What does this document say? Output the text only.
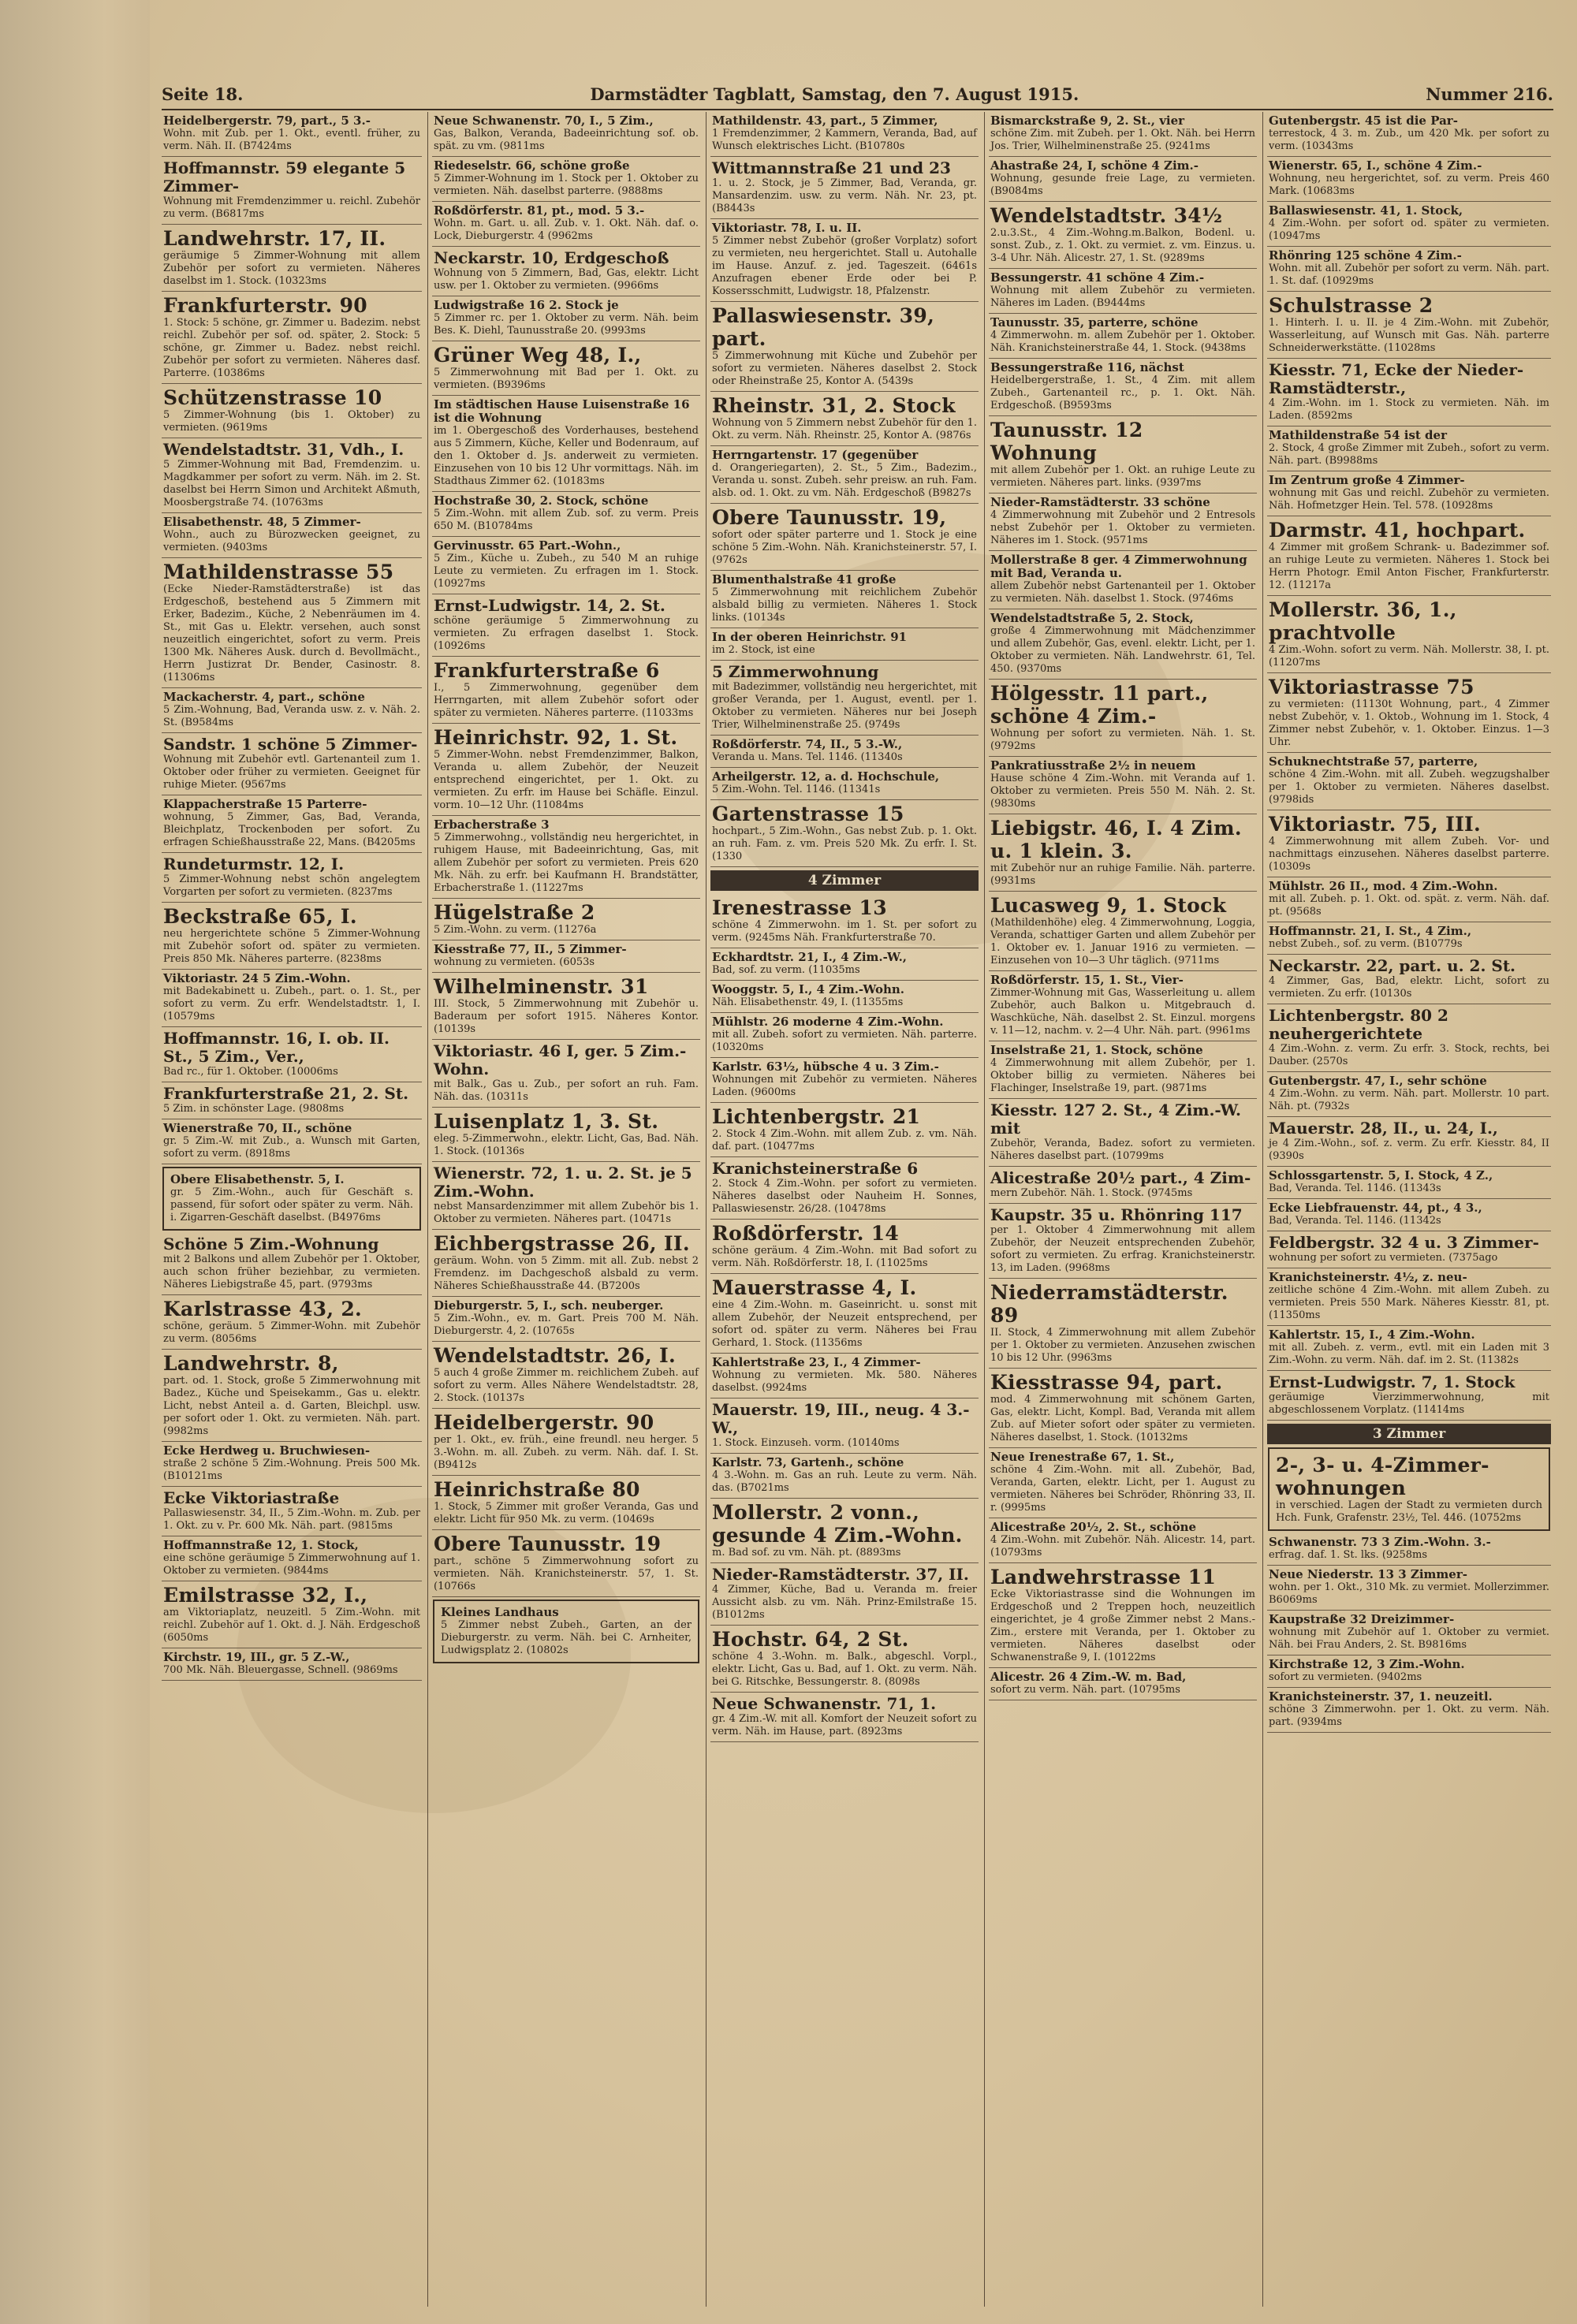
Seite 18.	Darmstädter Tagblatt, Samstag, den 7. August 1915.	Nummer 216.
Heidelbergerstr. 79, part., 5 3.-
Wohn. mit Zub. per 1. Okt., eventl. früher, zu verm. Näh. II. (B7424ms
Hoffmannstr. 59 elegante 5 Zimmer-
Wohnung mit Fremdenzimmer u. reichl. Zubehör zu verm. (B6817ms
Landwehrstr. 17, II.
geräumige 5 Zimmer-Wohnung mit allem Zubehör per sofort zu vermieten. Näheres daselbst im 1. Stock. (10323ms
Frankfurterstr. 90
1. Stock: 5 schöne, gr. Zimmer u. Badezim. nebst reichl. Zubehör per sof. od. später, 2. Stock: 5 schöne, gr. Zimmer u. Badez. nebst reichl. Zubehör per sofort zu vermieten. Näheres dasf. Parterre. (10386ms
Schützenstrasse 10
5 Zimmer-Wohnung (bis 1. Oktober) zu vermieten. (9619ms
Wendelstadtstr. 31, Vdh., I.
5 Zimmer-Wohnung mit Bad, Fremdenzim. u. Magdkammer per sofort zu verm. Näh. im 2. St. daselbst bei Herrn Simon und Architekt Aßmuth, Moosbergstraße 74. (10763ms
Elisabethenstr. 48, 5 Zimmer-
Wohn., auch zu Bürozwecken geeignet, zu vermieten. (9403ms
Mathildenstrasse 55
(Ecke Nieder-Ramstädterstraße) ist das Erdgeschoß, bestehend aus 5 Zimmern mit Erker, Badezim., Küche, 2 Nebenräumen im 4. St., mit Gas u. Elektr. versehen, auch sonst neuzeitlich eingerichtet, sofort zu verm. Preis 1300 Mk. Näheres Ausk. durch d. Bevollmächt., Herrn Justizrat Dr. Bender, Casinostr. 8. (11306ms
Mackacherstr. 4, part., schöne
5 Zim.-Wohnung, Bad, Veranda usw. z. v. Näh. 2. St. (B9584ms
Sandstr. 1 schöne 5 Zimmer-
Wohnung mit Zubehör evtl. Gartenanteil zum 1. Oktober oder früher zu vermieten. Geeignet für ruhige Mieter. (9567ms
Klappacherstraße 15 Parterre-
wohnung, 5 Zimmer, Gas, Bad, Veranda, Bleichplatz, Trockenboden per sofort. Zu erfragen Schießhausstraße 22, Mans. (B4205ms
Rundeturmstr. 12, I.
5 Zimmer-Wohnung nebst schön angelegtem Vorgarten per sofort zu vermieten. (8237ms
Beckstraße 65, I.
neu hergerichtete schöne 5 Zimmer-Wohnung mit Zubehör sofort od. später zu vermieten. Preis 850 Mk. Näheres parterre. (8238ms
Viktoriastr. 24 5 Zim.-Wohn.
mit Badekabinett u. Zubeh., part. o. 1. St., per sofort zu verm. Zu erfr. Wendelstadtstr. 1, I. (10579ms
Hoffmannstr. 16, I. ob. II. St., 5 Zim., Ver.,
Bad rc., für 1. Oktober. (10006ms
Frankfurterstraße 21, 2. St.
5 Zim. in schönster Lage. (9808ms
Wienerstraße 70, II., schöne
gr. 5 Zim.-W. mit Zub., a. Wunsch mit Garten, sofort zu verm. (8918ms
Obere Elisabethenstr. 5, I.
gr. 5 Zim.-Wohn., auch für Geschäft s. passend, für sofort oder später zu verm. Näh. i. Zigarren-Geschäft daselbst. (B4976ms
Schöne 5 Zim.-Wohnung
mit 2 Balkons und allem Zubehör per 1. Oktober, auch schon früher beziehbar, zu vermieten. Näheres Liebigstraße 45, part. (9793ms
Karlstrasse 43, 2.
schöne, geräum. 5 Zimmer-Wohn. mit Zubehör zu verm. (8056ms
Landwehrstr. 8,
part. od. 1. Stock, große 5 Zimmerwohnung mit Badez., Küche und Speisekamm., Gas u. elektr. Licht, nebst Anteil a. d. Garten, Bleichpl. usw. per sofort oder 1. Okt. zu vermieten. Näh. part. (9982ms
Ecke Herdweg u. Bruchwiesen-
straße 2 schöne 5 Zim.-Wohnung. Preis 500 Mk. (B10121ms
Ecke Viktoriastraße
Pallaswiesenstr. 34, II., 5 Zim.-Wohn. m. Zub. per 1. Okt. zu v. Pr. 600 Mk. Näh. part. (9815ms
Hoffmannstraße 12, 1. Stock,
eine schöne geräumige 5 Zimmerwohnung auf 1. Oktober zu vermieten. (9844ms
Emilstrasse 32, I.,
am Viktoriaplatz, neuzeitl. 5 Zim.-Wohn. mit reichl. Zubehör auf 1. Okt. d. J. Näh. Erdgeschoß (6050ms
Kirchstr. 19, III., gr. 5 Z.-W.,
700 Mk. Näh. Bleuergasse, Schnell. (9869ms
Neue Schwanenstr. 70, I., 5 Zim.,
Gas, Balkon, Veranda, Badeeinrichtung sof. ob. spät. zu vm. (9811ms
Riedeselstr. 66, schöne große
5 Zimmer-Wohnung im 1. Stock per 1. Oktober zu vermieten. Näh. daselbst parterre. (9888ms
Roßdörferstr. 81, pt., mod. 5 3.-
Wohn. m. Gart. u. all. Zub. v. 1. Okt. Näh. daf. o. Lock, Dieburgerstr. 4 (9962ms
Neckarstr. 10, Erdgeschoß
Wohnung von 5 Zimmern, Bad, Gas, elektr. Licht usw. per 1. Oktober zu vermieten. (9966ms
Ludwigstraße 16 2. Stock je
5 Zimmer rc. per 1. Oktober zu verm. Näh. beim Bes. K. Diehl, Taunusstraße 20. (9993ms
Grüner Weg 48, I.,
5 Zimmerwohnung mit Bad per 1. Okt. zu vermieten. (B9396ms
Im städtischen Hause Luisenstraße 16 ist die Wohnung
im 1. Obergeschoß des Vorderhauses, bestehend aus 5 Zimmern, Küche, Keller und Bodenraum, auf den 1. Oktober d. Js. anderweit zu vermieten. Einzusehen von 10 bis 12 Uhr vormittags. Näh. im Stadthaus Zimmer 62. (10183ms
Hochstraße 30, 2. Stock, schöne
5 Zim.-Wohn. mit allem Zub. sof. zu verm. Preis 650 M. (B10784ms
Gervinusstr. 65 Part.-Wohn.,
5 Zim., Küche u. Zubeh., zu 540 M an ruhige Leute zu vermieten. Zu erfragen im 1. Stock. (10927ms
Ernst-Ludwigstr. 14, 2. St.
schöne geräumige 5 Zimmerwohnung zu vermieten. Zu erfragen daselbst 1. Stock. (10926ms
Frankfurterstraße 6
I., 5 Zimmerwohnung, gegenüber dem Herrngarten, mit allem Zubehör sofort oder später zu vermieten. Näheres parterre. (11033ms
Heinrichstr. 92, 1. St.
5 Zimmer-Wohn. nebst Fremdenzimmer, Balkon, Veranda u. allem Zubehör, der Neuzeit entsprechend eingerichtet, per 1. Okt. zu vermieten. Zu erfr. im Hause bei Schäfle. Einzul. vorm. 10—12 Uhr. (11084ms
Erbacherstraße 3
5 Zimmerwohng., vollständig neu hergerichtet, in ruhigem Hause, mit Badeeinrichtung, Gas, mit allem Zubehör per sofort zu vermieten. Preis 620 Mk. Näh. zu erfr. bei Kaufmann H. Brandstätter, Erbacherstraße 1. (11227ms
Hügelstraße 2
5 Zim.-Wohn. zu verm. (11276a
Kiesstraße 77, II., 5 Zimmer-
wohnung zu vermieten. (6053s
Wilhelminenstr. 31
III. Stock, 5 Zimmerwohnung mit Zubehör u. Baderaum per sofort 1915. Näheres Kontor. (10139s
Viktoriastr. 46 I, ger. 5 Zim.-Wohn.
mit Balk., Gas u. Zub., per sofort an ruh. Fam. Näh. das. (10311s
Luisenplatz 1, 3. St.
eleg. 5-Zimmerwohn., elektr. Licht, Gas, Bad. Näh. 1. Stock. (10136s
Wienerstr. 72, 1. u. 2. St. je 5 Zim.-Wohn.
nebst Mansardenzimmer mit allem Zubehör bis 1. Oktober zu vermieten. Näheres part. (10471s
Eichbergstrasse 26, II.
geräum. Wohn. von 5 Zimm. mit all. Zub. nebst 2 Fremdenz. im Dachgeschoß alsbald zu verm. Näheres Schießhausstraße 44. (B7200s
Dieburgerstr. 5, I., sch. neuberger.
5 Zim.-Wohn., ev. m. Gart. Preis 700 M. Näh. Dieburgerstr. 4, 2. (10765s
Wendelstadtstr. 26, I.
5 auch 4 große Zimmer m. reichlichem Zubeh. auf sofort zu verm. Alles Nähere Wendelstadtstr. 28, 2. Stock. (10137s
Heidelbergerstr. 90
per 1. Okt., ev. früh., eine freundl. neu herger. 5 3.-Wohn. m. all. Zubeh. zu verm. Näh. daf. I. St. (B9412s
Heinrichstraße 80
1. Stock, 5 Zimmer mit großer Veranda, Gas und elektr. Licht für 950 Mk. zu verm. (10469s
Obere Taunusstr. 19
part., schöne 5 Zimmerwohnung sofort zu vermieten. Näh. Kranichsteinerstr. 57, 1. St. (10766s
Kleines Landhaus
5 Zimmer nebst Zubeh., Garten, an der Dieburgerstr. zu verm. Näh. bei C. Arnheiter, Ludwigsplatz 2. (10802s
Mathildenstr. 43, part., 5 Zimmer,
1 Fremdenzimmer, 2 Kammern, Veranda, Bad, auf Wunsch elektrisches Licht. (B10780s
Wittmannstraße 21 und 23
1. u. 2. Stock, je 5 Zimmer, Bad, Veranda, gr. Mansardenzim. usw. zu verm. Näh. Nr. 23, pt. (B8443s
Viktoriastr. 78, I. u. II.
5 Zimmer nebst Zubehör (großer Vorplatz) sofort zu vermieten, neu hergerichtet. Stall u. Autohalle im Hause. Anzuf. z. jed. Tageszeit. (6461s Anzufragen ebener Erde oder bei P. Kossersschmitt, Ludwigstr. 18, Pfalzenstr.
Pallaswiesenstr. 39, part.
5 Zimmerwohnung mit Küche und Zubehör per sofort zu vermieten. Näheres daselbst 2. Stock oder Rheinstraße 25, Kontor A. (5439s
Rheinstr. 31, 2. Stock
Wohnung von 5 Zimmern nebst Zubehör für den 1. Okt. zu verm. Näh. Rheinstr. 25, Kontor A. (9876s
Herrngartenstr. 17 (gegenüber
d. Orangeriegarten), 2. St., 5 Zim., Badezim., Veranda u. sonst. Zubeh. sehr preisw. an ruh. Fam. alsb. od. 1. Okt. zu vm. Näh. Erdgeschoß (B9827s
Obere Taunusstr. 19,
sofort oder später parterre und 1. Stock je eine schöne 5 Zim.-Wohn. Näh. Kranichsteinerstr. 57, I. (9762s
Blumenthalstraße 41 große
5 Zimmerwohnung mit reichlichem Zubehör alsbald billig zu vermieten. Näheres 1. Stock links. (10134s
In der oberen Heinrichstr. 91
im 2. Stock, ist eine
5 Zimmerwohnung
mit Badezimmer, vollständig neu hergerichtet, mit großer Veranda, per 1. August, eventl. per 1. Oktober zu vermieten. Näheres nur bei Joseph Trier, Wilhelminenstraße 25. (9749s
Roßdörferstr. 74, II., 5 3.-W.,
Veranda u. Mans. Tel. 1146. (11340s
Arheilgerstr. 12, a. d. Hochschule,
5 Zim.-Wohn. Tel. 1146. (11341s
Gartenstrasse 15
hochpart., 5 Zim.-Wohn., Gas nebst Zub. p. 1. Okt. an ruh. Fam. z. vm. Preis 520 Mk. Zu erfr. I. St. (1330
4 Zimmer
Irenestrasse 13
schöne 4 Zimmerwohn. im 1. St. per sofort zu verm. (9245ms Näh. Frankfurterstraße 70.
Eckhardtstr. 21, I., 4 Zim.-W.,
Bad, sof. zu verm. (11035ms
Wooggstr. 5, I., 4 Zim.-Wohn.
Näh. Elisabethenstr. 49, I. (11355ms
Mühlstr. 26 moderne 4 Zim.-Wohn.
mit all. Zubeh. sofort zu vermieten. Näh. parterre. (10320ms
Karlstr. 63½, hübsche 4 u. 3 Zim.-
Wohnungen mit Zubehör zu vermieten. Näheres Laden. (9600ms
Lichtenbergstr. 21
2. Stock 4 Zim.-Wohn. mit allem Zub. z. vm. Näh. daf. part. (10477ms
Kranichsteinerstraße 6
2. Stock 4 Zim.-Wohn. per sofort zu vermieten. Näheres daselbst oder Nauheim H. Sonnes, Pallaswiesenstr. 26/28. (10478ms
Roßdörferstr. 14
schöne geräum. 4 Zim.-Wohn. mit Bad sofort zu verm. Näh. Roßdörferstr. 18, I. (11025ms
Mauerstrasse 4, I.
eine 4 Zim.-Wohn. m. Gaseinricht. u. sonst mit allem Zubehör, der Neuzeit entsprechend, per sofort od. später zu verm. Näheres bei Frau Gerhard, 1. Stock. (11356ms
Kahlertstraße 23, I., 4 Zimmer-
Wohnung zu vermieten. Mk. 580. Näheres daselbst. (9924ms
Mauerstr. 19, III., neug. 4 3.-W.,
1. Stock. Einzuseh. vorm. (10140ms
Karlstr. 73, Gartenh., schöne
4 3.-Wohn. m. Gas an ruh. Leute zu verm. Näh. das. (B7021ms
Mollerstr. 2 vonn., gesunde 4 Zim.-Wohn.
m. Bad sof. zu vm. Näh. pt. (8893ms
Nieder-Ramstädterstr. 37, II.
4 Zimmer, Küche, Bad u. Veranda m. freier Aussicht alsb. zu vm. Näh. Prinz-Emilstraße 15. (B1012ms
Hochstr. 64, 2 St.
schöne 4 3.-Wohn. m. Balk., abgeschl. Vorpl., elektr. Licht, Gas u. Bad, auf 1. Okt. zu verm. Näh. bei G. Ritschke, Bessungerstr. 8. (8098s
Neue Schwanenstr. 71, 1.
gr. 4 Zim.-W. mit all. Komfort der Neuzeit sofort zu verm. Näh. im Hause, part. (8923ms
Bismarckstraße 9, 2. St., vier
schöne Zim. mit Zubeh. per 1. Okt. Näh. bei Herrn Jos. Trier, Wilhelminenstraße 25. (9241ms
Ahastraße 24, I, schöne 4 Zim.-
Wohnung, gesunde freie Lage, zu vermieten. (B9084ms
Wendelstadtstr. 34½
2.u.3.St., 4 Zim.-Wohng.m.Balkon, Bodenl. u. sonst. Zub., z. 1. Okt. zu vermiet. z. vm. Einzus. u. 3-4 Uhr. Näh. Alicestr. 27, 1. St. (9289ms
Bessungerstr. 41 schöne 4 Zim.-
Wohnung mit allem Zubehör zu vermieten. Näheres im Laden. (B9444ms
Taunusstr. 35, parterre, schöne
4 Zimmerwohn. m. allem Zubehör per 1. Oktober. Näh. Kranichsteinerstraße 44, 1. Stock. (9438ms
Bessungerstraße 116, nächst
Heidelbergerstraße, 1. St., 4 Zim. mit allem Zubeh., Gartenanteil rc., p. 1. Okt. Näh. Erdgeschoß. (B9593ms
Taunusstr. 12 Wohnung
mit allem Zubehör per 1. Okt. an ruhige Leute zu vermieten. Näheres part. links. (9397ms
Nieder-Ramstädterstr. 33 schöne
4 Zimmerwohnung mit Zubehör und 2 Entresols nebst Zubehör per 1. Oktober zu vermieten. Näheres im 1. Stock. (9571ms
Mollerstraße 8 ger. 4 Zimmerwohnung mit Bad, Veranda u.
allem Zubehör nebst Gartenanteil per 1. Oktober zu vermieten. Näh. daselbst 1. Stock. (9746ms
Wendelstadtstraße 5, 2. Stock,
große 4 Zimmerwohnung mit Mädchenzimmer und allem Zubehör, Gas, evenl. elektr. Licht, per 1. Oktober zu vermieten. Näh. Landwehrstr. 61, Tel. 450. (9370ms
Hölgesstr. 11 part., schöne 4 Zim.-
Wohnung per sofort zu vermieten. Näh. 1. St. (9792ms
Pankratiusstraße 2½ in neuem
Hause schöne 4 Zim.-Wohn. mit Veranda auf 1. Oktober zu vermieten. Preis 550 M. Näh. 2. St. (9830ms
Liebigstr. 46, I. 4 Zim. u. 1 klein. 3.
mit Zubehör nur an ruhige Familie. Näh. parterre. (9931ms
Lucasweg 9, 1. Stock
(Mathildenhöhe) eleg. 4 Zimmerwohnung, Loggia, Veranda, schattiger Garten und allem Zubehör per 1. Oktober ev. 1. Januar 1916 zu vermieten. — Einzusehen von 10—3 Uhr täglich. (9711ms
Roßdörferstr. 15, 1. St., Vier-
Zimmer-Wohnung mit Gas, Wasserleitung u. allem Zubehör, auch Balkon u. Mitgebrauch d. Waschküche, Näh. daselbst 2. St. Einzul. morgens v. 11—12, nachm. v. 2—4 Uhr. Näh. part. (9961ms
Inselstraße 21, 1. Stock, schöne
4 Zimmerwohnung mit allem Zubehör, per 1. Oktober billig zu vermieten. Näheres bei Flachinger, Inselstraße 19, part. (9871ms
Kiesstr. 127 2. St., 4 Zim.-W. mit
Zubehör, Veranda, Badez. sofort zu vermieten. Näheres daselbst part. (10799ms
Alicestraße 20½ part., 4 Zim-
mern Zubehör. Näh. 1. Stock. (9745ms
Kaupstr. 35 u. Rhönring 117
per 1. Oktober 4 Zimmerwohnung mit allem Zubehör, der Neuzeit entsprechenden Zubehör, sofort zu vermieten. Zu erfrag. Kranichsteinerstr. 13, im Laden. (9968ms
Niederramstädterstr. 89
II. Stock, 4 Zimmerwohnung mit allem Zubehör per 1. Oktober zu vermieten. Anzusehen zwischen 10 bis 12 Uhr. (9963ms
Kiesstrasse 94, part.
mod. 4 Zimmerwohnung mit schönem Garten, Gas, elektr. Licht, Kompl. Bad, Veranda mit allem Zub. auf Mieter sofort oder später zu vermieten. Näheres daselbst, 1. Stock. (10132ms
Neue Irenestraße 67, 1. St.,
schöne 4 Zim.-Wohn. mit all. Zubehör, Bad, Veranda, Garten, elektr. Licht, per 1. August zu vermieten. Näheres bei Schröder, Rhönring 33, II. r. (9995ms
Alicestraße 20½, 2. St., schöne
4 Zim.-Wohn. mit Zubehör. Näh. Alicestr. 14, part. (10793ms
Landwehrstrasse 11
Ecke Viktoriastrasse sind die Wohnungen im Erdgeschoß und 2 Treppen hoch, neuzeitlich eingerichtet, je 4 große Zimmer nebst 2 Mans.-Zim., erstere mit Veranda, per 1. Oktober zu vermieten. Näheres daselbst oder Schwanenstraße 9, I. (10122ms
Alicestr. 26 4 Zim.-W. m. Bad,
sofort zu verm. Näh. part. (10795ms
Gutenbergstr. 45 ist die Par-
terrestock, 4 3. m. Zub., um 420 Mk. per sofort zu verm. (10343ms
Wienerstr. 65, I., schöne 4 Zim.-
Wohnung, neu hergerichtet, sof. zu verm. Preis 460 Mark. (10683ms
Ballaswiesenstr. 41, 1. Stock,
4 Zim.-Wohn. per sofort od. später zu vermieten. (10947ms
Rhönring 125 schöne 4 Zim.-
Wohn. mit all. Zubehör per sofort zu verm. Näh. part. 1. St. daf. (10929ms
Schulstrasse 2
1. Hinterh. I. u. II. je 4 Zim.-Wohn. mit Zubehör, Wasserleitung, auf Wunsch mit Gas. Näh. parterre Schneiderwerkstätte. (11028ms
Kiesstr. 71, Ecke der Nieder-Ramstädterstr.,
4 Zim.-Wohn. im 1. Stock zu vermieten. Näh. im Laden. (8592ms
Mathildenstraße 54 ist der
2. Stock, 4 große Zimmer mit Zubeh., sofort zu verm. Näh. part. (B9988ms
Im Zentrum große 4 Zimmer-
wohnung mit Gas und reichl. Zubehör zu vermieten. Näh. Hofmetzger Hein. Tel. 578. (10928ms
Darmstr. 41, hochpart.
4 Zimmer mit großem Schrank- u. Badezimmer sof. an ruhige Leute zu vermieten. Näheres 1. Stock bei Herrn Photogr. Emil Anton Fischer, Frankfurterstr. 12. (11217a
Mollerstr. 36, 1., prachtvolle
4 Zim.-Wohn. sofort zu verm. Näh. Mollerstr. 38, I. pt. (11207ms
Viktoriastrasse 75
zu vermieten: (11130t Wohnung, part., 4 Zimmer nebst Zubehör, v. 1. Oktob., Wohnung im 1. Stock, 4 Zimmer nebst Zubehör, v. 1. Oktober. Einzus. 1—3 Uhr.
Schuknechtstraße 57, parterre,
schöne 4 Zim.-Wohn. mit all. Zubeh. wegzugshalber per 1. Oktober zu vermieten. Näheres daselbst. (9798ids
Viktoriastr. 75, III.
4 Zimmerwohnung mit allem Zubeh. Vor- und nachmittags einzusehen. Näheres daselbst parterre. (10309s
Mühlstr. 26 II., mod. 4 Zim.-Wohn.
mit all. Zubeh. p. 1. Okt. od. spät. z. verm. Näh. daf. pt. (9568s
Hoffmannstr. 21, I. St., 4 Zim.,
nebst Zubeh., sof. zu verm. (B10779s
Neckarstr. 22, part. u. 2. St.
4 Zimmer, Gas, Bad, elektr. Licht, sofort zu vermieten. Zu erfr. (10130s
Lichtenbergstr. 80 2 neuhergerichtete
4 Zim.-Wohn. z. verm. Zu erfr. 3. Stock, rechts, bei Dauber. (2570s
Gutenbergstr. 47, I., sehr schöne
4 Zim.-Wohn. zu verm. Näh. part. Mollerstr. 10 part. Näh. pt. (7932s
Mauerstr. 28, II., u. 24, I.,
je 4 Zim.-Wohn., sof. z. verm. Zu erfr. Kiesstr. 84, II (9390s
Schlossgartenstr. 5, I. Stock, 4 Z.,
Bad, Veranda. Tel. 1146. (11343s
Ecke Liebfrauenstr. 44, pt., 4 3.,
Bad, Veranda. Tel. 1146. (11342s
Feldbergstr. 32 4 u. 3 Zimmer-
wohnung per sofort zu vermieten. (7375ago
Kranichsteinerstr. 4½, z. neu-
zeitliche schöne 4 Zim.-Wohn. mit allem Zubeh. zu vermieten. Preis 550 Mark. Näheres Kiesstr. 81, pt. (11350ms
Kahlertstr. 15, I., 4 Zim.-Wohn.
mit all. Zubeh. z. verm., evtl. mit ein Laden mit 3 Zim.-Wohn. zu verm. Näh. daf. im 2. St. (11382s
Ernst-Ludwigstr. 7, 1. Stock
geräumige Vierzimmerwohnung, mit abgeschlossenem Vorplatz. (11414ms
3 Zimmer
2-, 3- u. 4-Zimmer-wohnungen
in verschied. Lagen der Stadt zu vermieten durch Hch. Funk, Grafenstr. 23½, Tel. 446. (10752ms
Schwanenstr. 73 3 Zim.-Wohn. 3.-
erfrag. daf. 1. St. lks. (9258ms
Neue Niederstr. 13 3 Zimmer-
wohn. per 1. Okt., 310 Mk. zu vermiet. Mollerzimmer. B6069ms
Kaupstraße 32 Dreizimmer-
wohnung mit Zubehör auf 1. Oktober zu vermiet. Näh. bei Frau Anders, 2. St. B9816ms
Kirchstraße 12, 3 Zim.-Wohn.
sofort zu vermieten. (9402ms
Kranichsteinerstr. 37, 1. neuzeitl.
schöne 3 Zimmerwohn. per 1. Okt. zu verm. Näh. part. (9394ms
